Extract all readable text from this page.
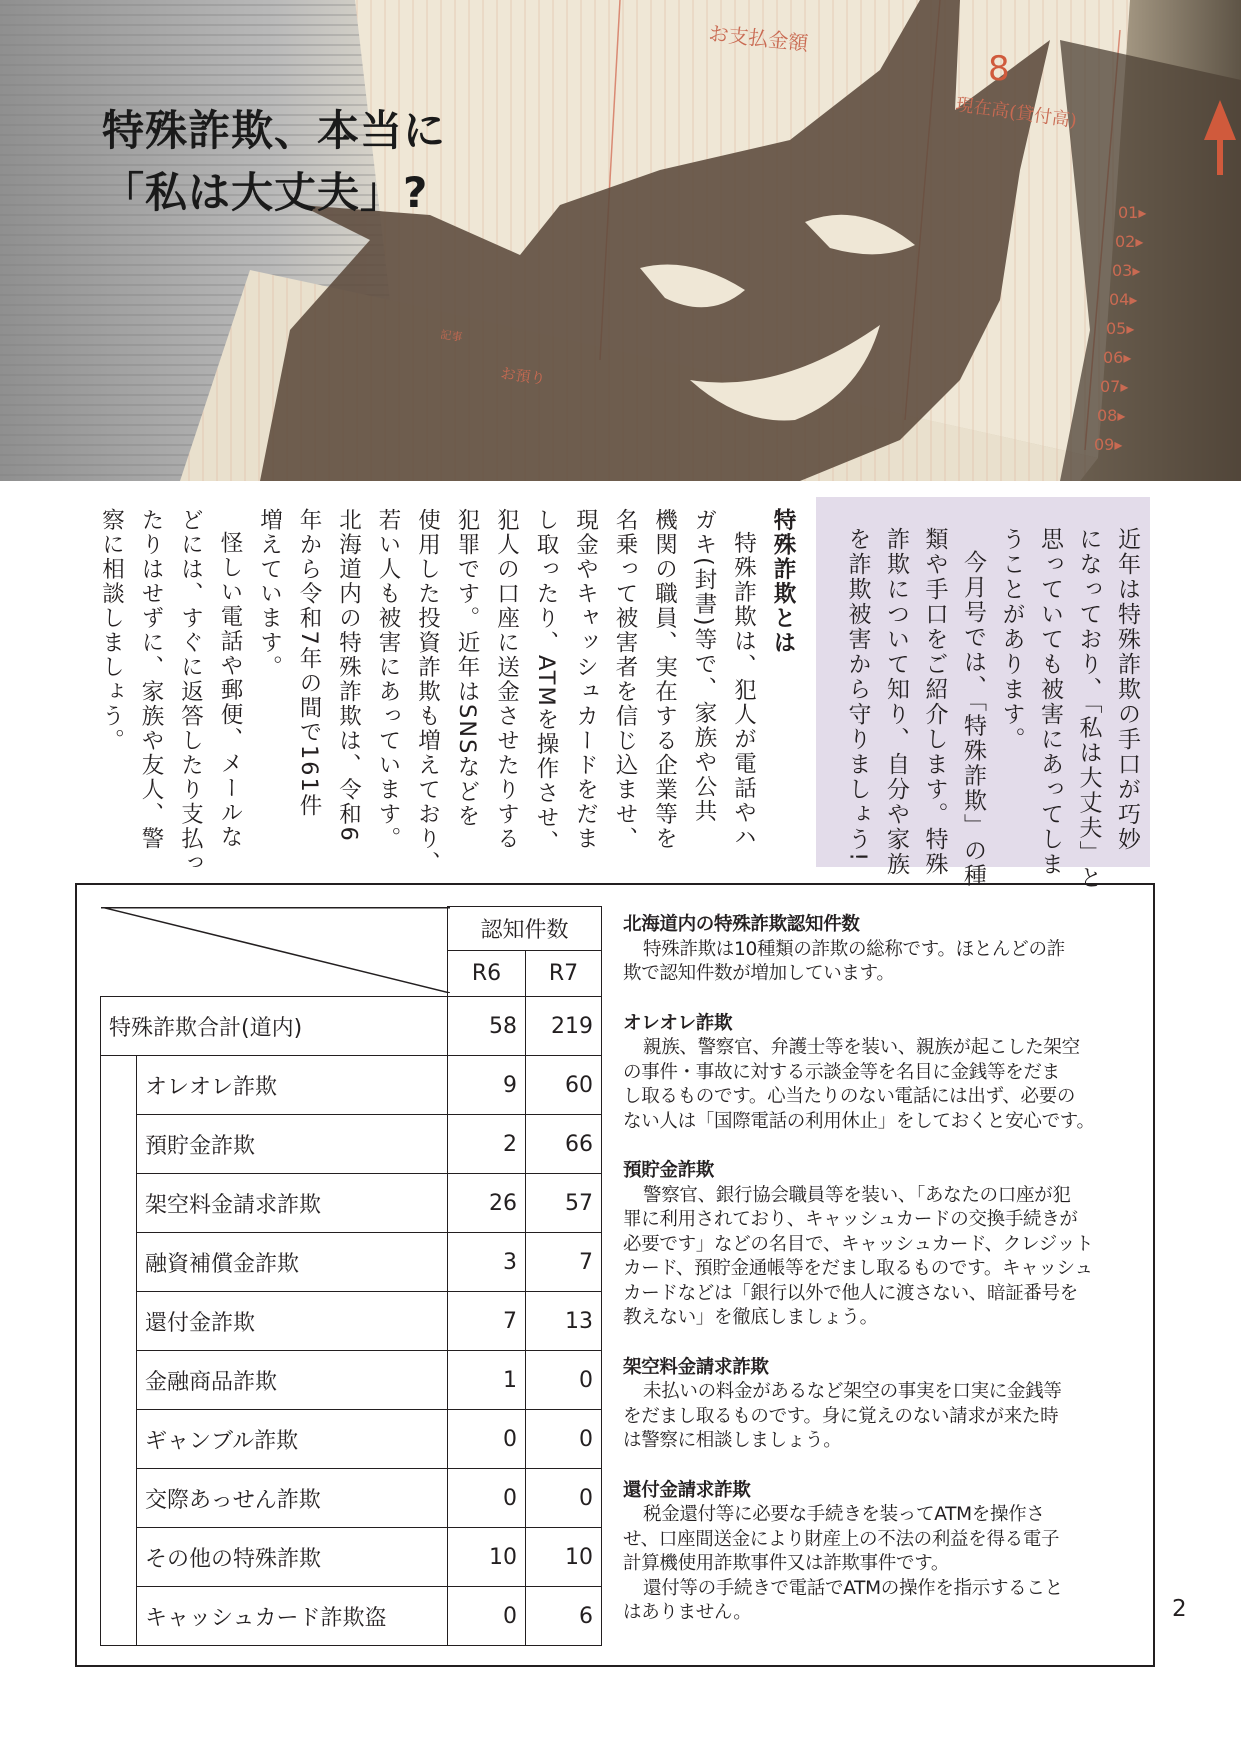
お支払金額
8
現在高(貸付高)
お預り
記事
01▸
02▸
03▸
04▸
05▸
06▸
07▸
08▸
09▸
特殊詐欺、本当に
「私は大丈夫」?

近年は特殊詐欺の手口が巧妙

になっており、「私は大丈夫」と

思っていても被害にあってしま

うことがあります。

今月号では、「特殊詐欺」の種

類や手口をご紹介します。特殊

詐欺について知り、自分や家族

を詐欺被害から守りましょう!

特殊詐欺とは

特殊詐欺は、犯人が電話やハ

ガキ(封書)等で、家族や公共

機関の職員、実在する企業等を

名乗って被害者を信じ込ませ、

現金やキャッシュカードをだま

し取ったり、ATMを操作させ、

犯人の口座に送金させたりする

犯罪です。近年はSNSなどを

使用した投資詐欺も増えており、

若い人も被害にあっています。

北海道内の特殊詐欺は、令和6

年から令和7年の間で161件

増えています。

怪しい電話や郵便、メールな

どには、すぐに返答したり支払っ

たりはせずに、家族や友人、警

察に相談しましょう。

	認知件数	
		R6	R7
特殊詐欺合計(道内)		58	219
	オレオレ詐欺	9	60
	預貯金詐欺	2	66
	架空料金請求詐欺	26	57
	融資補償金詐欺	3	7
	還付金詐欺	7	13
	金融商品詐欺	1	0
	ギャンブル詐欺	0	0
	交際あっせん詐欺	0	0
	その他の特殊詐欺	10	10
	キャッシュカード詐欺盗	0	6
北海道内の特殊詐欺認知件数
特殊詐欺は10種類の詐欺の総称です。ほとんどの詐
欺で認知件数が増加しています。
オレオレ詐欺
親族、警察官、弁護士等を装い、親族が起こした架空
の事件・事故に対する示談金等を名目に金銭等をだま
し取るものです。心当たりのない電話には出ず、必要の
ない人は「国際電話の利用休止」をしておくと安心です。
預貯金詐欺
警察官、銀行協会職員等を装い、「あなたの口座が犯
罪に利用されており、キャッシュカードの交換手続きが
必要です」などの名目で、キャッシュカード、クレジット
カード、預貯金通帳等をだまし取るものです。キャッシュ
カードなどは「銀行以外で他人に渡さない、暗証番号を
教えない」を徹底しましょう。
架空料金請求詐欺
未払いの料金があるなど架空の事実を口実に金銭等
をだまし取るものです。身に覚えのない請求が来た時
は警察に相談しましょう。
還付金請求詐欺
税金還付等に必要な手続きを装ってATMを操作さ
せ、口座間送金により財産上の不法の利益を得る電子
計算機使用詐欺事件又は詐欺事件です。
還付等の手続きで電話でATMの操作を指示すること
はありません。	2
